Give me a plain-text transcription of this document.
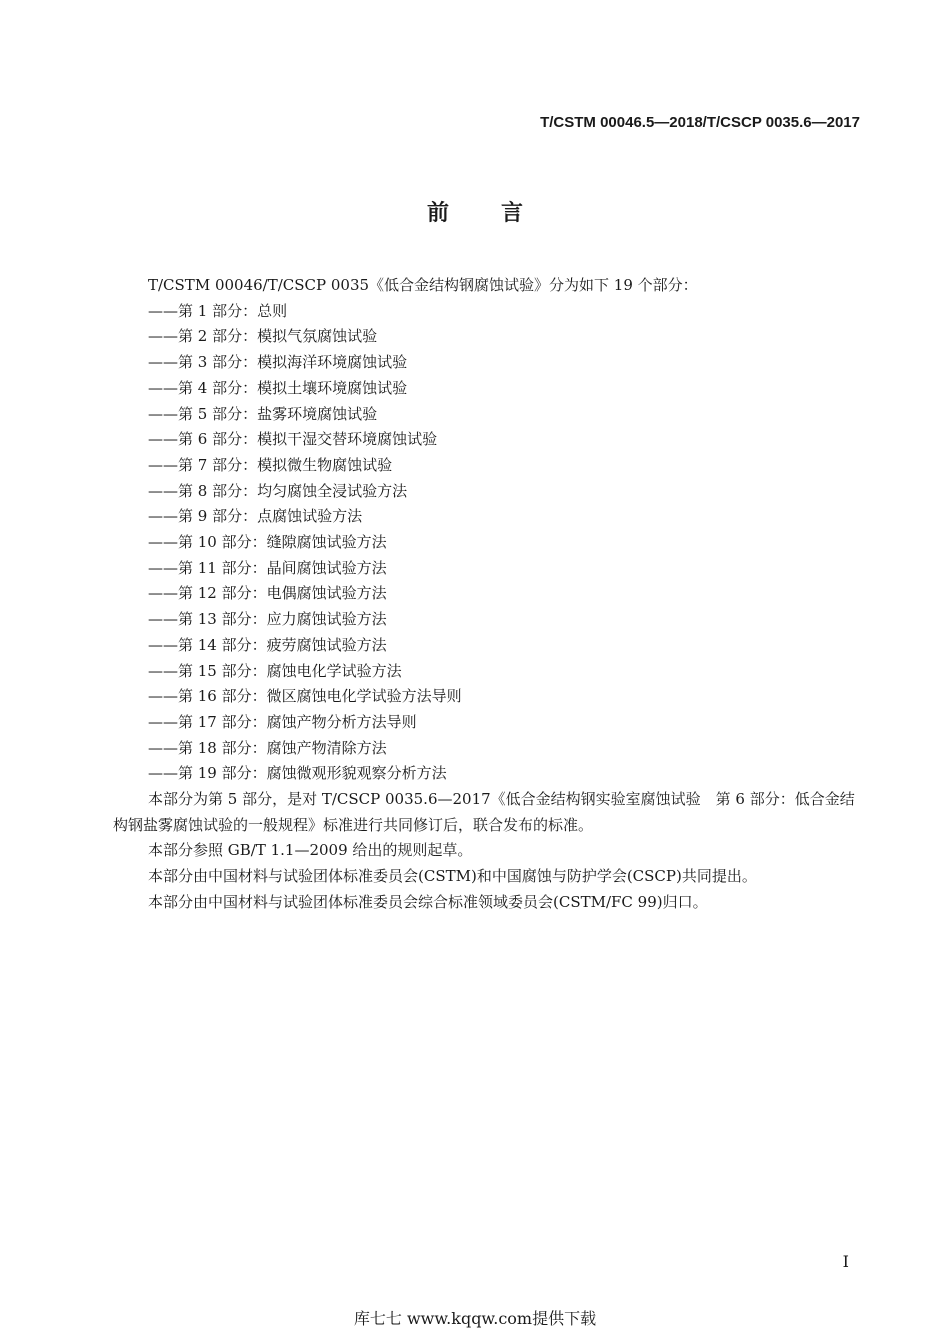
T/CSTM 00046.5—2018/T/CSCP 0035.6—2017
前言

T/CSTM 00046/T/CSCP 0035《低合金结构钢腐蚀试验》分为如下 19 个部分：

——第 1 部分：总则

——第 2 部分：模拟气氛腐蚀试验

——第 3 部分：模拟海洋环境腐蚀试验

——第 4 部分：模拟土壤环境腐蚀试验

——第 5 部分：盐雾环境腐蚀试验

——第 6 部分：模拟干湿交替环境腐蚀试验

——第 7 部分：模拟微生物腐蚀试验

——第 8 部分：均匀腐蚀全浸试验方法

——第 9 部分：点腐蚀试验方法

——第 10 部分：缝隙腐蚀试验方法

——第 11 部分：晶间腐蚀试验方法

——第 12 部分：电偶腐蚀试验方法

——第 13 部分：应力腐蚀试验方法

——第 14 部分：疲劳腐蚀试验方法

——第 15 部分：腐蚀电化学试验方法

——第 16 部分：微区腐蚀电化学试验方法导则

——第 17 部分：腐蚀产物分析方法导则

——第 18 部分：腐蚀产物清除方法

——第 19 部分：腐蚀微观形貌观察分析方法

本部分为第 5 部分，是对 T/CSCP 0035.6—2017《低合金结构钢实验室腐蚀试验　第 6 部分：低合金结构钢盐雾腐蚀试验的一般规程》标准进行共同修订后，联合发布的标准。

本部分参照 GB/T 1.1—2009 给出的规则起草。

本部分由中国材料与试验团体标准委员会(CSTM)和中国腐蚀与防护学会(CSCP)共同提出。

本部分由中国材料与试验团体标准委员会综合标准领域委员会(CSTM/FC 99)归口。

I
库七七 www.kqqw.com提供下载
